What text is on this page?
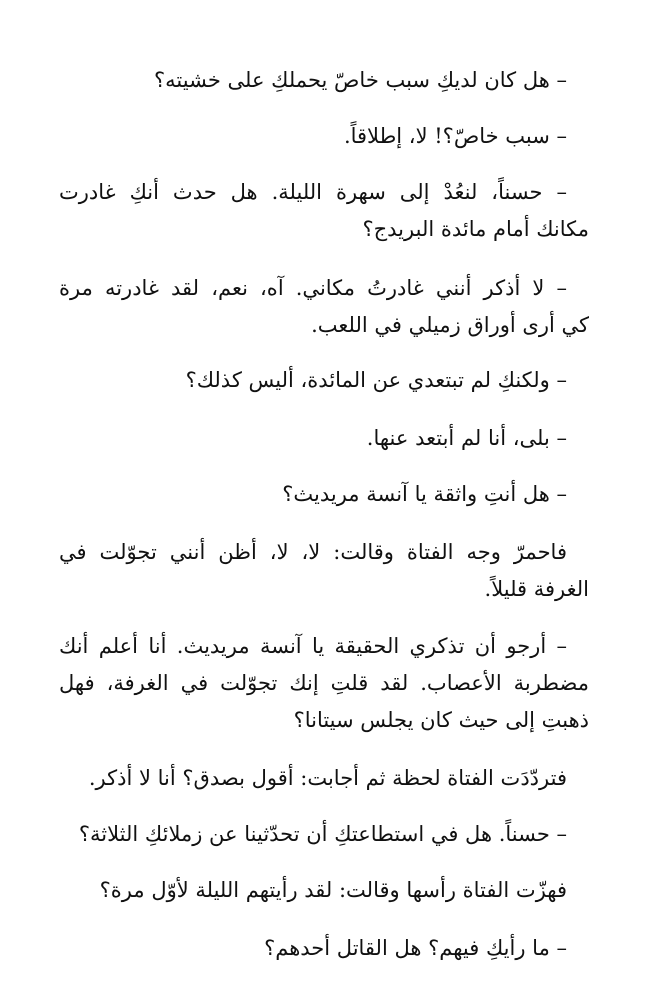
– هل كان لديكِ سبب خاصّ يحملكِ على خشيته؟

– سبب خاصّ؟! لا، إطلاقاً.

– حسناً، لنعُدْ إلى سهرة الليلة. هل حدث أنكِ غادرت
مكانك أمام مائدة البريدج؟

– لا أذكر أنني غادرتُ مكاني. آه، نعم، لقد غادرته مرة
كي أرى أوراق زميلي في اللعب.

– ولكنكِ لم تبتعدي عن المائدة، أليس كذلك؟

– بلى، أنا لم أبتعد عنها.

– هل أنتِ واثقة يا آنسة مريديث؟

فاحمرّ وجه الفتاة وقالت: لا، لا، أظن أنني تجوّلت في
الغرفة قليلاً.

– أرجو أن تذكري الحقيقة يا آنسة مريديث. أنا أعلم أنك
مضطربة الأعصاب. لقد قلتِ إنك تجوّلت في الغرفة، فهل
ذهبتِ إلى حيث كان يجلس سيتانا؟

فتردّدَت الفتاة لحظة ثم أجابت: أقول بصدق؟ أنا لا أذكر.

– حسناً. هل في استطاعتكِ أن تحدّثينا عن زملائكِ الثلاثة؟

فهزّت الفتاة رأسها وقالت: لقد رأيتهم الليلة لأوّل مرة؟

– ما رأيكِ فيهم؟ هل القاتل أحدهم؟
